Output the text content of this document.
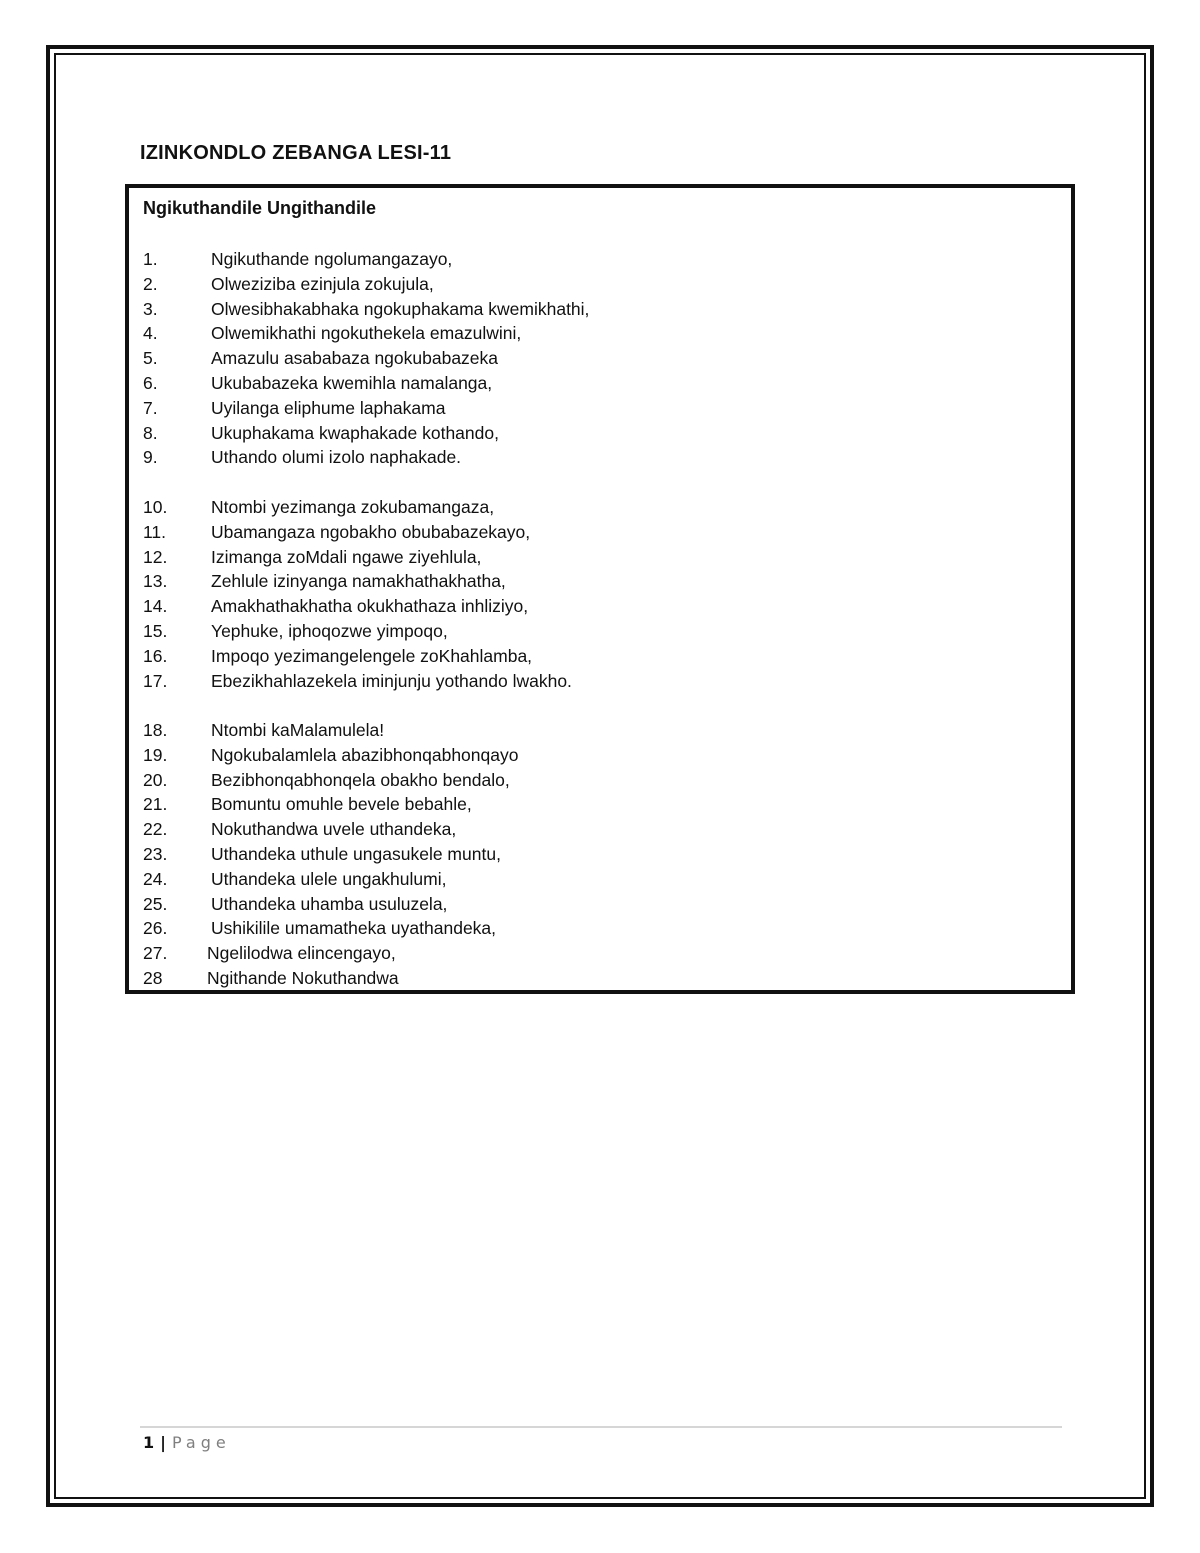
IZINKONDLO ZEBANGA LESI-11
Ngikuthandile Ungithandile
1.	Ngikuthande ngolumangazayo,
2.	Olweziziba ezinjula zokujula,
3.	Olwesibhakabhaka ngokuphakama kwemikhathi,
4.	Olwemikhathi ngokuthekela emazulwini,
5.	Amazulu asababaza ngokubabazeka
6.	Ukubabazeka kwemihla namalanga,
7.	Uyilanga eliphume laphakama
8.	Ukuphakama kwaphakade kothando,
9.	Uthando olumi izolo naphakade.
10.	Ntombi yezimanga zokubamangaza,
11.	Ubamangaza ngobakho obubabazekayo,
12.	Izimanga zoMdali ngawe ziyehlula,
13.	Zehlule izinyanga namakhathakhatha,
14.	Amakhathakhatha okukhathaza inhliziyo,
15.	Yephuke, iphoqozwe yimpoqo,
16.	Impoqo yezimangelengele zoKhahlamba,
17.	Ebezikhahlazekela iminjunju yothando lwakho.
18.	Ntombi kaMalamulela!
19.	Ngokubalamlela abazibhonqabhonqayo
20.	Bezibhonqabhonqela obakho bendalo,
21.	Bomuntu omuhle bevele bebahle,
22.	Nokuthandwa uvele uthandeka,
23.	Uthandeka uthule ungasukele muntu,
24.	Uthandeka ulele ungakhulumi,
25.	Uthandeka uhamba usuluzela,
26.	Ushikilile umamatheka uyathandeka,
27.	Ngelilodwa elincengayo,
28	Ngithande Nokuthandwa
1 | Page
